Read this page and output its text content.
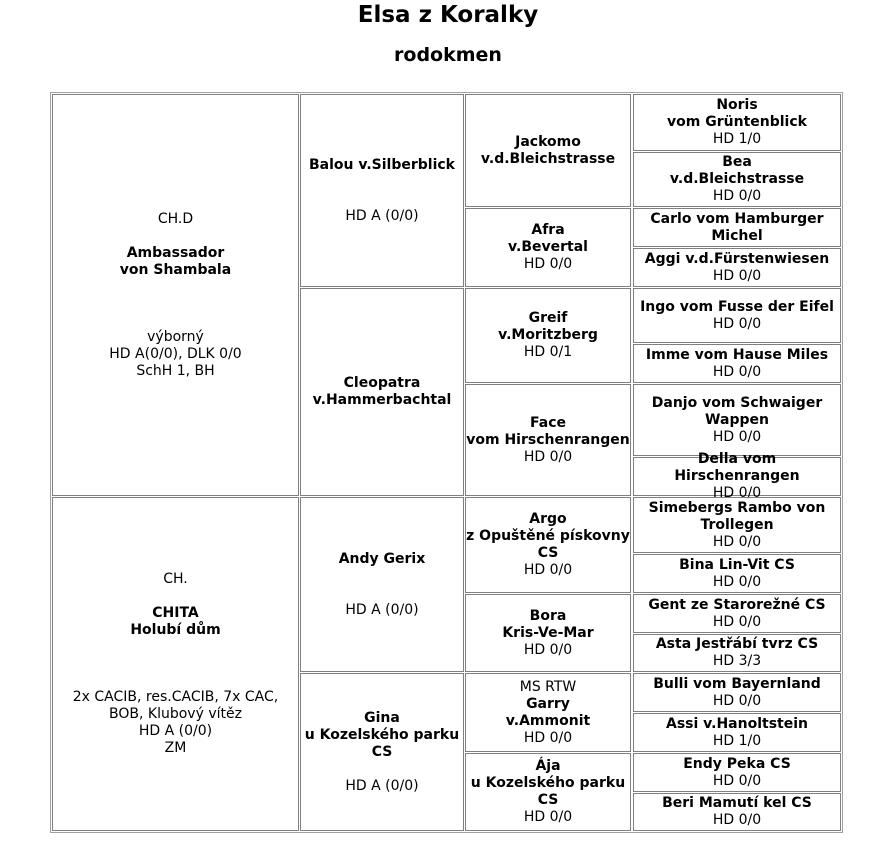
Elsa z Koralky
rodokmen
CH.D
Ambassador
von Shambala
výborný
HD A(0/0), DLK 0/0
SchH 1, BH
CH.
CHITA
Holubí dům
2x CACIB, res.CACIB, 7x CAC,
BOB, Klubový vítěz
HD A (0/0)
ZM
Balou v.Silberblick
HD A (0/0)
Cleopatra
v.Hammerbachtal
Andy Gerix
HD A (0/0)
Gina
u Kozelského parku
CS
HD A (0/0)
Jackomo
v.d.Bleichstrasse
Afra
v.Bevertal
HD 0/0
Greif
v.Moritzberg
HD 0/1
Face
vom Hirschenrangen
HD 0/0
Argo
z Opuštěné pískovny
CS
HD 0/0
Bora
Kris-Ve-Mar
HD 0/0
MS RTW
Garry
v.Ammonit
HD 0/0
Ája
u Kozelského parku
CS
HD 0/0
Noris
vom Grüntenblick
HD 1/0
Bea
v.d.Bleichstrasse
HD 0/0
Carlo vom Hamburger
Michel
Aggi v.d.Fürstenwiesen
HD 0/0
Ingo vom Fusse der Eifel
HD 0/0
Imme vom Hause Miles
HD 0/0
Danjo vom Schwaiger
Wappen
HD 0/0
Della vom Hirschenrangen
HD 0/0
Simebergs Rambo von
Trollegen
HD 0/0
Bina Lin-Vit CS
HD 0/0
Gent ze Starorežné CS
HD 0/0
Asta Jestřábí tvrz CS
HD 3/3
Bulli vom Bayernland
HD 0/0
Assi v.Hanoltstein
HD 1/0
Endy Peka CS
HD 0/0
Beri Mamutí kel CS
HD 0/0
